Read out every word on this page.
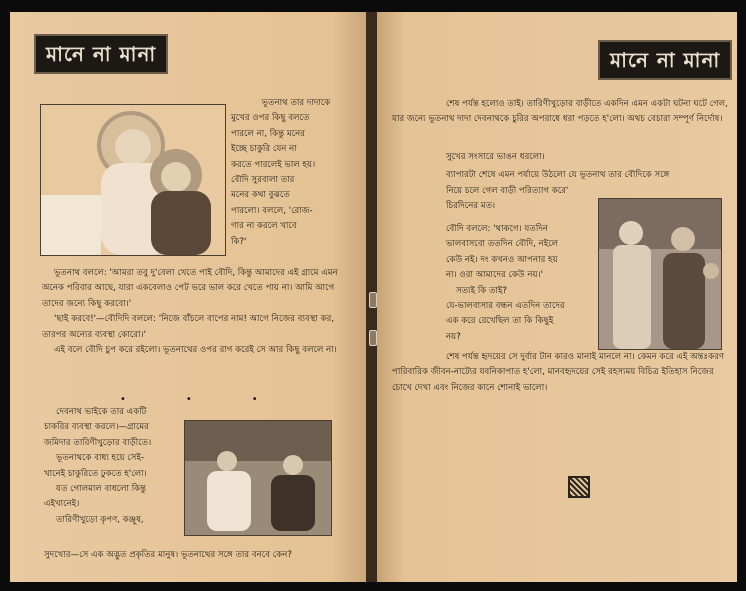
মানে না মানা

ভূতনাথ তার দাদাকে

মুখের ওপর কিছু বলতে

পারলে না, কিন্তু মনের

ইচ্ছে চাকুরি যেন না

করতে পারলেই ভাল হয়।

বৌদি সুরবালা তার

মনের কথা বুঝতে

পারলো। বললে, 'রোজ-

গার না করলে খাবে

কি?'

ভূতনাথ বললে: 'আমরা তবু দু'বেলা খেতে পাই বৌদি, কিন্তু আমাদের এই গ্রামে এমন অনেক পরিবার আছে, যারা একবেলাও পেট ভরে ভাল করে খেতে পায় না। আমি আগে তাদের জন্যে কিছু করবো।'

'ছাই করবে!'—বৌদিদি বললে: 'নিজে বাঁচলে বাপের নাম! আগে নিজের ব্যবস্থা কর, তারপর অন্যের ব্যবস্থা কোরো।'

এই বলে বৌদি চুপ করে রইলো। ভূতনাথের ওপর রাগ করেই সে আর কিছু বললে না।

•••

দেবনাথ ভাইকে তার একটি

চাকরির ব্যবস্থা করলে।—গ্রামের

জমিদার তারিণীখুড়োর বাড়ীতে।

ভূতনাথকে বাধ্য হয়ে সেই-

খানেই চাকুরিতে ঢুকতে হ'লো।

যত গোলমাল বাধলো কিন্তু

এইখানেই।

তারিণীখুড়ো কৃপণ, কঞ্জুষ,

সুদখোর—সে এক অদ্ভুত প্রকৃতির মানুষ। ভূতনাথের সঙ্গে তার বনবে কেন?
মানে না মানা
শেষ পর্যন্ত হলোও তাই। তারিণীখুড়োর বাড়ীতে একদিন এমন একটা ঘটনা ঘটে গেল, যার জন্যে ভূতনাথ দাদা দেবনাথকে চুরির অপরাধে ধরা পড়তে হ'লো। অথচ বেচারা সম্পূর্ণ নির্দোষ।
সুখের সংসারে ভাঙন ধরলো।

ব্যাপারটা শেষে এমন পর্যায়ে উঠলো যে ভূতনাথ তার বৌদিকে সঙ্গে

নিয়ে চলে গেল বাড়ী পরিত্যাগ করে'

চিরদিনের মত।

বৌদি বললে: 'থাকগে। যতদিন

ভালবাসবো ততদিন বৌদি, নইলে

কেউ নই। দং কখনও আপনার হয়

না। ওরা আমাদের কেউ নয়।'

সত্যই কি তাই?

যে-ভালবাসার বন্ধন এতদিন তাদের

এক করে রেখেছিল তা কি কিছুই

নয়?

শেষ পর্যন্ত হৃদয়ের সে দুর্বার টান কারও মানাই মানলে না। কেমন করে এই অন্তঃকরণ পারিবারিক জীবন-নাট্যের যবনিকাপাত হ'লো, মানবহৃদয়ের সেই রহস্যময় বিচিত্র ইতিহাস নিজের চোখে দেখা এবং নিজের কানে শোনাই ভালো।
